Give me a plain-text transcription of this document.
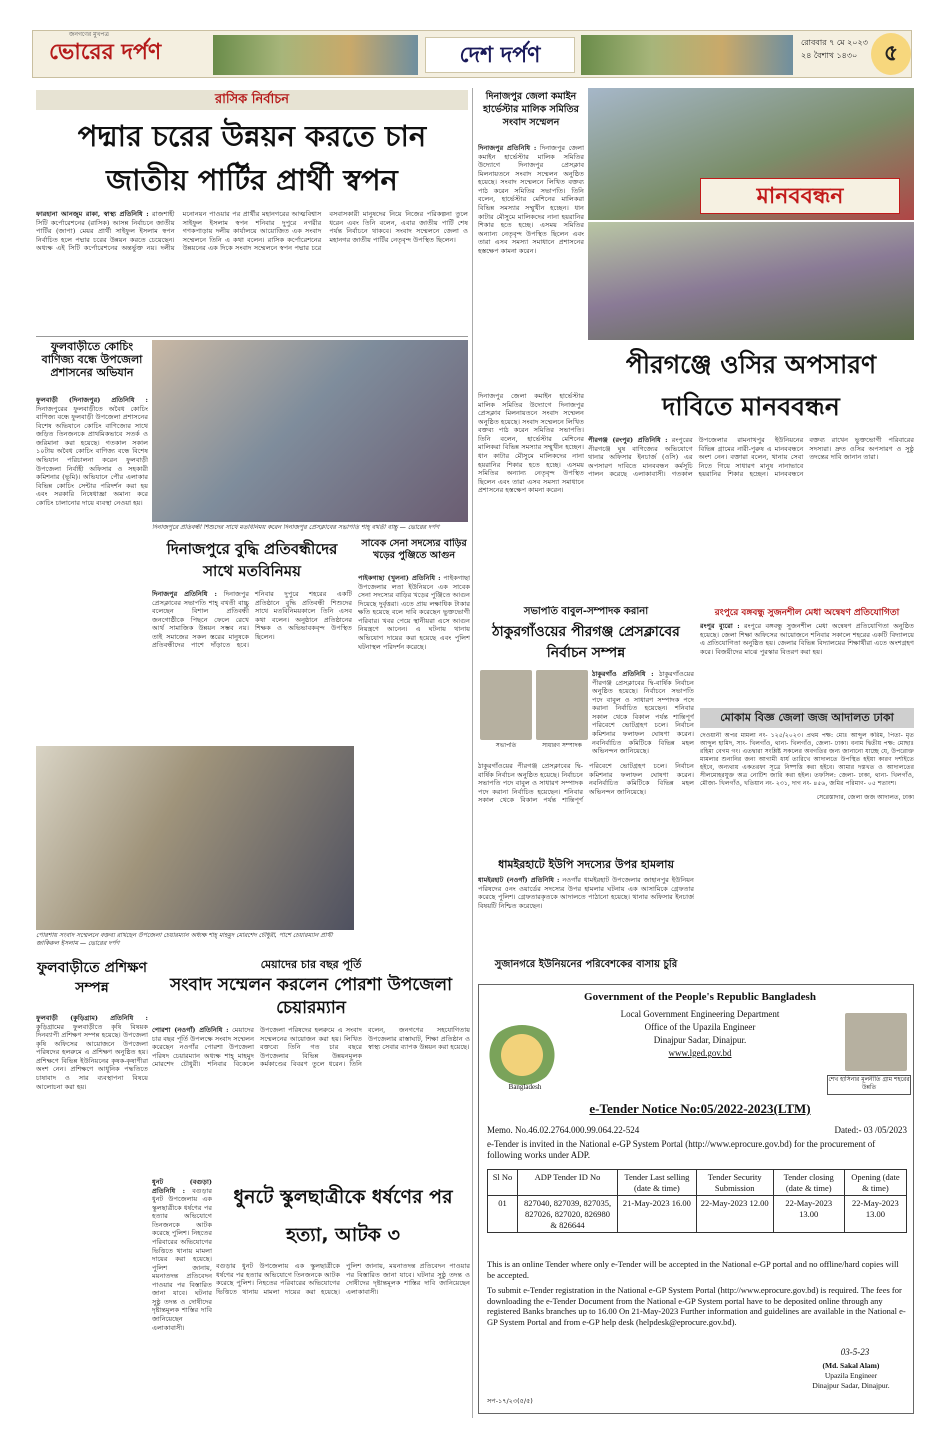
জনগণের মুখপত্র
ভোরের দর্পণ	দেশ দর্পণ
রোববার ৭ মে ২০২৩
২৪ বৈশাখ ১৪৩০	৫
রাসিক নির্বাচন
পদ্মার চরের উন্নয়ন করতে চান জাতীয় পার্টির প্রার্থী স্বপন

ফারহানা আনজুম রাকা, স্বাস্থ্য প্রতিনিধি : রাজশাহী সিটি কর্পোরেশনের (রাসিক) আসন্ন নির্বাচনে জাতীয় পার্টির (জাপা) মেয়র প্রার্থী সাইফুল ইসলাম স্বপন নির্বাচিত হলে পদ্মার চরের উন্নয়ন করতে চেয়েছেন। অধ্যক্ষ এই সিটি কর্পোরেশনের অন্তর্ভুক্ত নয়। দলীয় মনোনয়ন পাওয়ার পর প্রার্থীর মহানগরের আত্মবিশ্বাস সাইফুল ইসলাম স্বপন শনিবার দুপুরে নগরীর গণকপাড়ায় দলীয় কার্যালয়ে আয়োজিত এক সংবাদ সম্মেলনে তিনি এ কথা বলেন। রাসিক কর্পোরেশনের উন্নয়নের এক দিকে সংবাদ সম্মেলনে স্বপন পদ্মার চরে বসবাসকারী মানুষদের নিয়ে নিজের পরিকল্পনা তুলে ধরেন এবং তিনি বলেন, এবার জাতীয় পার্টি শেষ পর্যন্ত নির্বাচনে থাকবে। সংবাদ সম্মেলনে জেলা ও মহানগর জাতীয় পার্টির নেতৃবৃন্দ উপস্থিত ছিলেন।

ফুলবাড়ীতে কোচিং বাণিজ্য বন্ধে উপজেলা প্রশাসনের অভিযান

ফুলবাড়ী (দিনাজপুর) প্রতিনিধি : দিনাজপুরের ফুলবাড়ীতে অবৈধ কোচিং বাণিজ্য বন্ধে ফুলবাড়ী উপজেলা প্রশাসনের বিশেষ অভিযানে কোচিং বাণিজ্যের সাথে জড়িত তিনজনকে প্রাথমিকভাবে সতর্ক ও জরিমানা করা হয়েছে। গতকাল সকাল ১০টায় অবৈধ কোচিং বাণিজ্য বন্ধে বিশেষ অভিযান পরিচালনা করেন ফুলবাড়ী উপজেলা নির্বাহী অফিসার ও সহকারী কমিশনার (ভূমি)। অভিযানে পৌর এলাকার বিভিন্ন কোচিং সেন্টার পরিদর্শন করা হয় এবং সরকারি নিষেধাজ্ঞা অমান্য করে কোচিং চালানোর দায়ে ব্যবস্থা নেওয়া হয়।

দিনাজপুরে প্রতিবন্ধী শিশুদের সাথে মতবিনিময় করেন দিনাজপুর প্রেসক্লাবের সভাপতি শাহ্ বখতী বাচ্চু — ভোরের দর্পণ
দিনাজপুরে বুদ্ধি প্রতিবন্ধীদের সাথে মতবিনিময়

দিনাজপুর প্রতিনিধি : দিনাজপুর প্রেসক্লাবের সভাপতি শাহ্ বখতী বাচ্চু বলেছেন বিশাল প্রতিবন্ধী জনগোষ্ঠীকে পিছনে ফেলে রেখে আর্থ সামাজিক উন্নয়ন সম্ভব নয়। তাই সমাজের সকল স্তরের মানুষকে প্রতিবন্ধীদের পাশে দাঁড়াতে হবে। শনিবার দুপুরে শহরের একটি প্রতিষ্ঠানে বুদ্ধি প্রতিবন্ধী শিশুদের সাথে মতবিনিময়কালে তিনি এসব কথা বলেন। অনুষ্ঠানে প্রতিষ্ঠানের শিক্ষক ও অভিভাবকবৃন্দ উপস্থিত ছিলেন।

সাবেক সেনা সদস্যের বাড়ির খড়ের পুঞ্জিতে আগুন

পাইকগাছা (খুলনা) প্রতিনিধি : পাইকগাছা উপজেলার লতা ইউনিয়নে এক সাবেক সেনা সদস্যের বাড়ির খড়ের পুঞ্জিতে আগুন দিয়েছে দুর্বৃত্তরা। এতে প্রায় লক্ষাধিক টাকার ক্ষতি হয়েছে বলে দাবি করেছেন ভুক্তভোগী পরিবার। খবর পেয়ে স্থানীয়রা এসে আগুন নিয়ন্ত্রণে আনেন। এ ঘটনায় থানায় অভিযোগ দায়ের করা হয়েছে এবং পুলিশ ঘটনাস্থল পরিদর্শন করেছে।

পোরশায় সংবাদ সম্মেলনে বক্তব্য রাখছেন উপজেলা চেয়ারম্যান অধ্যক্ষ শাহ্ মাহমুদ মোরশেদ চৌধুরী, পাশে চেয়ারম্যান প্রার্থী জাকিরুল ইসলাম — ভোরের দর্পণ
ফুলবাড়ীতে প্রশিক্ষণ সম্পন্ন

ফুলবাড়ী (কুড়িগ্রাম) প্রতিনিধি : কুড়িগ্রামের ফুলবাড়ীতে কৃষি বিষয়ক দিনব্যাপী প্রশিক্ষণ সম্পন্ন হয়েছে। উপজেলা কৃষি অফিসের আয়োজনে উপজেলা পরিষদের হলরুমে এ প্রশিক্ষণ অনুষ্ঠিত হয়। প্রশিক্ষণে বিভিন্ন ইউনিয়নের কৃষক-কৃষাণীরা অংশ নেন। প্রশিক্ষণে আধুনিক পদ্ধতিতে চাষাবাদ ও সার ব্যবস্থাপনা বিষয়ে আলোচনা করা হয়।

মেয়াদের চার বছর পূর্তি
সংবাদ সম্মেলন করলেন পোরশা উপজেলা চেয়ারম্যান

পোরশা (নওগাঁ) প্রতিনিধি : মেয়াদের চার বছর পূর্তি উপলক্ষে সংবাদ সম্মেলন করেছেন নওগাঁর পোরশা উপজেলা পরিষদ চেয়ারম্যান অধ্যক্ষ শাহ্ মাহমুদ মোরশেদ চৌধুরী। শনিবার বিকেলে উপজেলা পরিষদের হলরুমে এ সংবাদ সম্মেলনের আয়োজন করা হয়। লিখিত বক্তব্যে তিনি গত চার বছরে উপজেলার বিভিন্ন উন্নয়নমূলক কর্মকাণ্ডের বিবরণ তুলে ধরেন। তিনি বলেন, জনগণের সহযোগিতায় উপজেলার রাস্তাঘাট, শিক্ষা প্রতিষ্ঠান ও স্বাস্থ্য সেবার ব্যাপক উন্নয়ন করা হয়েছে।

ধুনট (বগুড়া) প্রতিনিধি : বগুড়ার ধুনট উপজেলায় এক স্কুলছাত্রীকে ধর্ষণের পর হত্যার অভিযোগে তিনজনকে আটক করেছে পুলিশ। নিহতের পরিবারের অভিযোগের ভিত্তিতে থানায় মামলা দায়ের করা হয়েছে। পুলিশ জানায়, ময়নাতদন্ত প্রতিবেদন পাওয়ার পর বিস্তারিত জানা যাবে। ঘটনার সুষ্ঠু তদন্ত ও দোষীদের দৃষ্টান্তমূলক শাস্তির দাবি জানিয়েছেন এলাকাবাসী।

ধুনটে স্কুলছাত্রীকে ধর্ষণের পর হত্যা, আটক ৩

বগুড়ার ধুনট উপজেলায় এক স্কুলছাত্রীকে ধর্ষণের পর হত্যার অভিযোগে তিনজনকে আটক করেছে পুলিশ। নিহতের পরিবারের অভিযোগের ভিত্তিতে থানায় মামলা দায়ের করা হয়েছে। পুলিশ জানায়, ময়নাতদন্ত প্রতিবেদন পাওয়ার পর বিস্তারিত জানা যাবে। ঘটনার সুষ্ঠু তদন্ত ও দোষীদের দৃষ্টান্তমূলক শাস্তির দাবি জানিয়েছেন এলাকাবাসী।

দিনাজপুর জেলা কমাইন হার্ভেস্টার মালিক সমিতির সংবাদ সম্মেলন

দিনাজপুর প্রতিনিধি : দিনাজপুর জেলা কমাইন হার্ভেস্টার মালিক সমিতির উদ্যোগে দিনাজপুর প্রেসক্লাব মিলনায়তনে সংবাদ সম্মেলন অনুষ্ঠিত হয়েছে। সংবাদ সম্মেলনে লিখিত বক্তব্য পাঠ করেন সমিতির সভাপতি। তিনি বলেন, হার্ভেস্টার মেশিনের মালিকরা বিভিন্ন সমস্যার সম্মুখীন হচ্ছেন। ধান কাটার মৌসুমে মালিকদের নানা হয়রানির শিকার হতে হচ্ছে। এসময় সমিতির অন্যান্য নেতৃবৃন্দ উপস্থিত ছিলেন এবং তারা এসব সমস্যা সমাধানে প্রশাসনের হস্তক্ষেপ কামনা করেন।

মানববন্ধন
পীরগঞ্জে ওসির অপসারণ দাবিতে মানববন্ধন

দিনাজপুর জেলা কমাইন হার্ভেস্টার মালিক সমিতির উদ্যোগে দিনাজপুর প্রেসক্লাব মিলনায়তনে সংবাদ সম্মেলন অনুষ্ঠিত হয়েছে। সংবাদ সম্মেলনে লিখিত বক্তব্য পাঠ করেন সমিতির সভাপতি। তিনি বলেন, হার্ভেস্টার মেশিনের মালিকরা বিভিন্ন সমস্যার সম্মুখীন হচ্ছেন। ধান কাটার মৌসুমে মালিকদের নানা হয়রানির শিকার হতে হচ্ছে। এসময় সমিতির অন্যান্য নেতৃবৃন্দ উপস্থিত ছিলেন এবং তারা এসব সমস্যা সমাধানে প্রশাসনের হস্তক্ষেপ কামনা করেন।

পীরগঞ্জ (রংপুর) প্রতিনিধি : রংপুরের পীরগঞ্জে ঘুষ বাণিজ্যের অভিযোগে থানার অফিসার ইনচার্জ (ওসি) এর অপসারণ দাবিতে মানববন্ধন কর্মসূচি পালন করেছে এলাকাবাসী। গতকাল উপজেলার রামনাথপুর ইউনিয়নের বিভিন্ন গ্রামের নারী-পুরুষ এ মানববন্ধনে অংশ নেন। বক্তারা বলেন, থানায় সেবা নিতে গিয়ে সাধারণ মানুষ নানাভাবে হয়রানির শিকার হচ্ছেন। মানববন্ধনে বক্তব্য রাখেন ভুক্তভোগী পরিবারের সদস্যরা। দ্রুত ওসির অপসারণ ও সুষ্ঠু তদন্তের দাবি জানান তারা।

সভাপতি বাবুল-সম্পাদক করানা
ঠাকুরগাঁওয়ের পীরগঞ্জ প্রেসক্লাবের নির্বাচন সম্পন্ন
সভাপতি	সাধারণ সম্পাদক

ঠাকুরগাঁও প্রতিনিধি : ঠাকুরগাঁওয়ের পীরগঞ্জ প্রেসক্লাবের দ্বি-বার্ষিক নির্বাচন অনুষ্ঠিত হয়েছে। নির্বাচনে সভাপতি পদে বাবুল ও সাধারণ সম্পাদক পদে করানা নির্বাচিত হয়েছেন। শনিবার সকাল থেকে বিকাল পর্যন্ত শান্তিপূর্ণ পরিবেশে ভোটগ্রহণ চলে। নির্বাচন কমিশনার ফলাফল ঘোষণা করেন। নবনির্বাচিত কমিটিকে বিভিন্ন মহল অভিনন্দন জানিয়েছে।

ঠাকুরগাঁওয়ের পীরগঞ্জ প্রেসক্লাবের দ্বি-বার্ষিক নির্বাচন অনুষ্ঠিত হয়েছে। নির্বাচনে সভাপতি পদে বাবুল ও সাধারণ সম্পাদক পদে করানা নির্বাচিত হয়েছেন। শনিবার সকাল থেকে বিকাল পর্যন্ত শান্তিপূর্ণ পরিবেশে ভোটগ্রহণ চলে। নির্বাচন কমিশনার ফলাফল ঘোষণা করেন। নবনির্বাচিত কমিটিকে বিভিন্ন মহল অভিনন্দন জানিয়েছে।

ধামইরহাটে ইউপি সদস্যের উপর হামলায়

ধামইরহাট (নওগাঁ) প্রতিনিধি : নওগাঁর ধামইরহাট উপজেলার জাহানপুর ইউনিয়ন পরিষদের ৫নং ওয়ার্ডের সদস্যের উপর হামলার ঘটনায় এক আসামিকে গ্রেফতার করেছে পুলিশ। গ্রেফতারকৃতকে আদালতে পাঠানো হয়েছে। থানার অফিসার ইনচার্জ বিষয়টি নিশ্চিত করেছেন।

সুজানগরে ইউনিয়নের পরিবেশকের বাসায় চুরি
রংপুরে বঙ্গবন্ধু সুজনশীল মেধা অন্বেষণ প্রতিযোগিতা

রংপুর ব্যুরো : রংপুরে বঙ্গবন্ধু সুজনশীল মেধা অন্বেষণ প্রতিযোগিতা অনুষ্ঠিত হয়েছে। জেলা শিক্ষা অফিসের আয়োজনে শনিবার সকালে শহরের একটি বিদ্যালয়ে এ প্রতিযোগিতা অনুষ্ঠিত হয়। জেলার বিভিন্ন বিদ্যালয়ের শিক্ষার্থীরা এতে অংশগ্রহণ করে। বিজয়ীদের মাঝে পুরস্কার বিতরণ করা হয়।

মোকাম বিজ্ঞ জেলা জজ আদালত ঢাকা

দেওয়ানী অপর মামলা নং- ১২৫/২০২৩। প্রথম পক্ষ: মোঃ আব্দুল করিম, পিতা- মৃত আব্দুল হামিদ, সাং- খিলগাঁও, থানা- খিলগাঁও, জেলা- ঢাকা। বনাম দ্বিতীয় পক্ষ: মোছাঃ রহিমা বেগম গং। এতদ্বারা সংশ্লিষ্ট সকলের অবগতির জন্য জানানো যাচ্ছে যে, উপরোক্ত মামলার শুনানির জন্য আগামী ধার্য তারিখে আদালতে উপস্থিত হইয়া কারণ দর্শাইতে হইবে, অন্যথায় একতরফা সূত্রে নিষ্পত্তি করা হইবে। আমার দস্তখত ও আদালতের সীলমোহরযুক্ত অত্র নোটিশ জারি করা হইল। তফসিল: জেলা- ঢাকা, থানা- খিলগাঁও, মৌজা- খিলগাঁও, খতিয়ান নং- ২৩১, দাগ নং- ৪৫৬, জমির পরিমাণ- ০৫ শতাংশ।

সেরেস্তাদার, জেলা জজ আদালত, ঢাকা

Bangladesh
Government of the People's Republic Bangladesh
Local Government Engineering Department
Office of the Upazila Engineer
Dinajpur Sadar, Dinajpur.
www.lged.gov.bd
শেখ হাসিনার মূলনীতি গ্রাম শহরের উন্নতি
e-Tender Notice No:05/2022-2023(LTM)
Memo. No.46.02.2764.000.99.064.22-524	Dated:- 03 /05/2023
e-Tender is invited in the National e-GP System Portal (http://www.eprocure.gov.bd) for the procurement of following works under ADP.
Sl No	ADP Tender ID No	Tender Last selling (date & time)	Tender Security Submission	Tender closing (date & time)	Opening (date & time)
01	827040, 827039, 827035, 827026, 827020, 826980 & 826644	21-May-2023 16.00	22-May-2023 12.00	22-May-2023 13.00	22-May-2023 13.00
This is an online Tender where only e-Tender will be accepted in the National e-GP portal and no offline/hard copies will be accepted.
To submit e-Tender registration in the National e-GP System Portal (http://www.eprocure.gov.bd) is required. The fees for downloading the e-Tender Document from the National e-GP System portal have to be deposited online through any registered Banks branches up to 16.00 On 21-May-2023 Further information and guidelines are available in the National e-GP System Portal and from e-GP help desk (helpdesk@eprocure.gov.bd).
03-5-23
(Md. Sakal Alam)
Upazila Engineer
Dinajpur Sadar, Dinajpur.
সপ-১৭/২৩(৫/৫)
